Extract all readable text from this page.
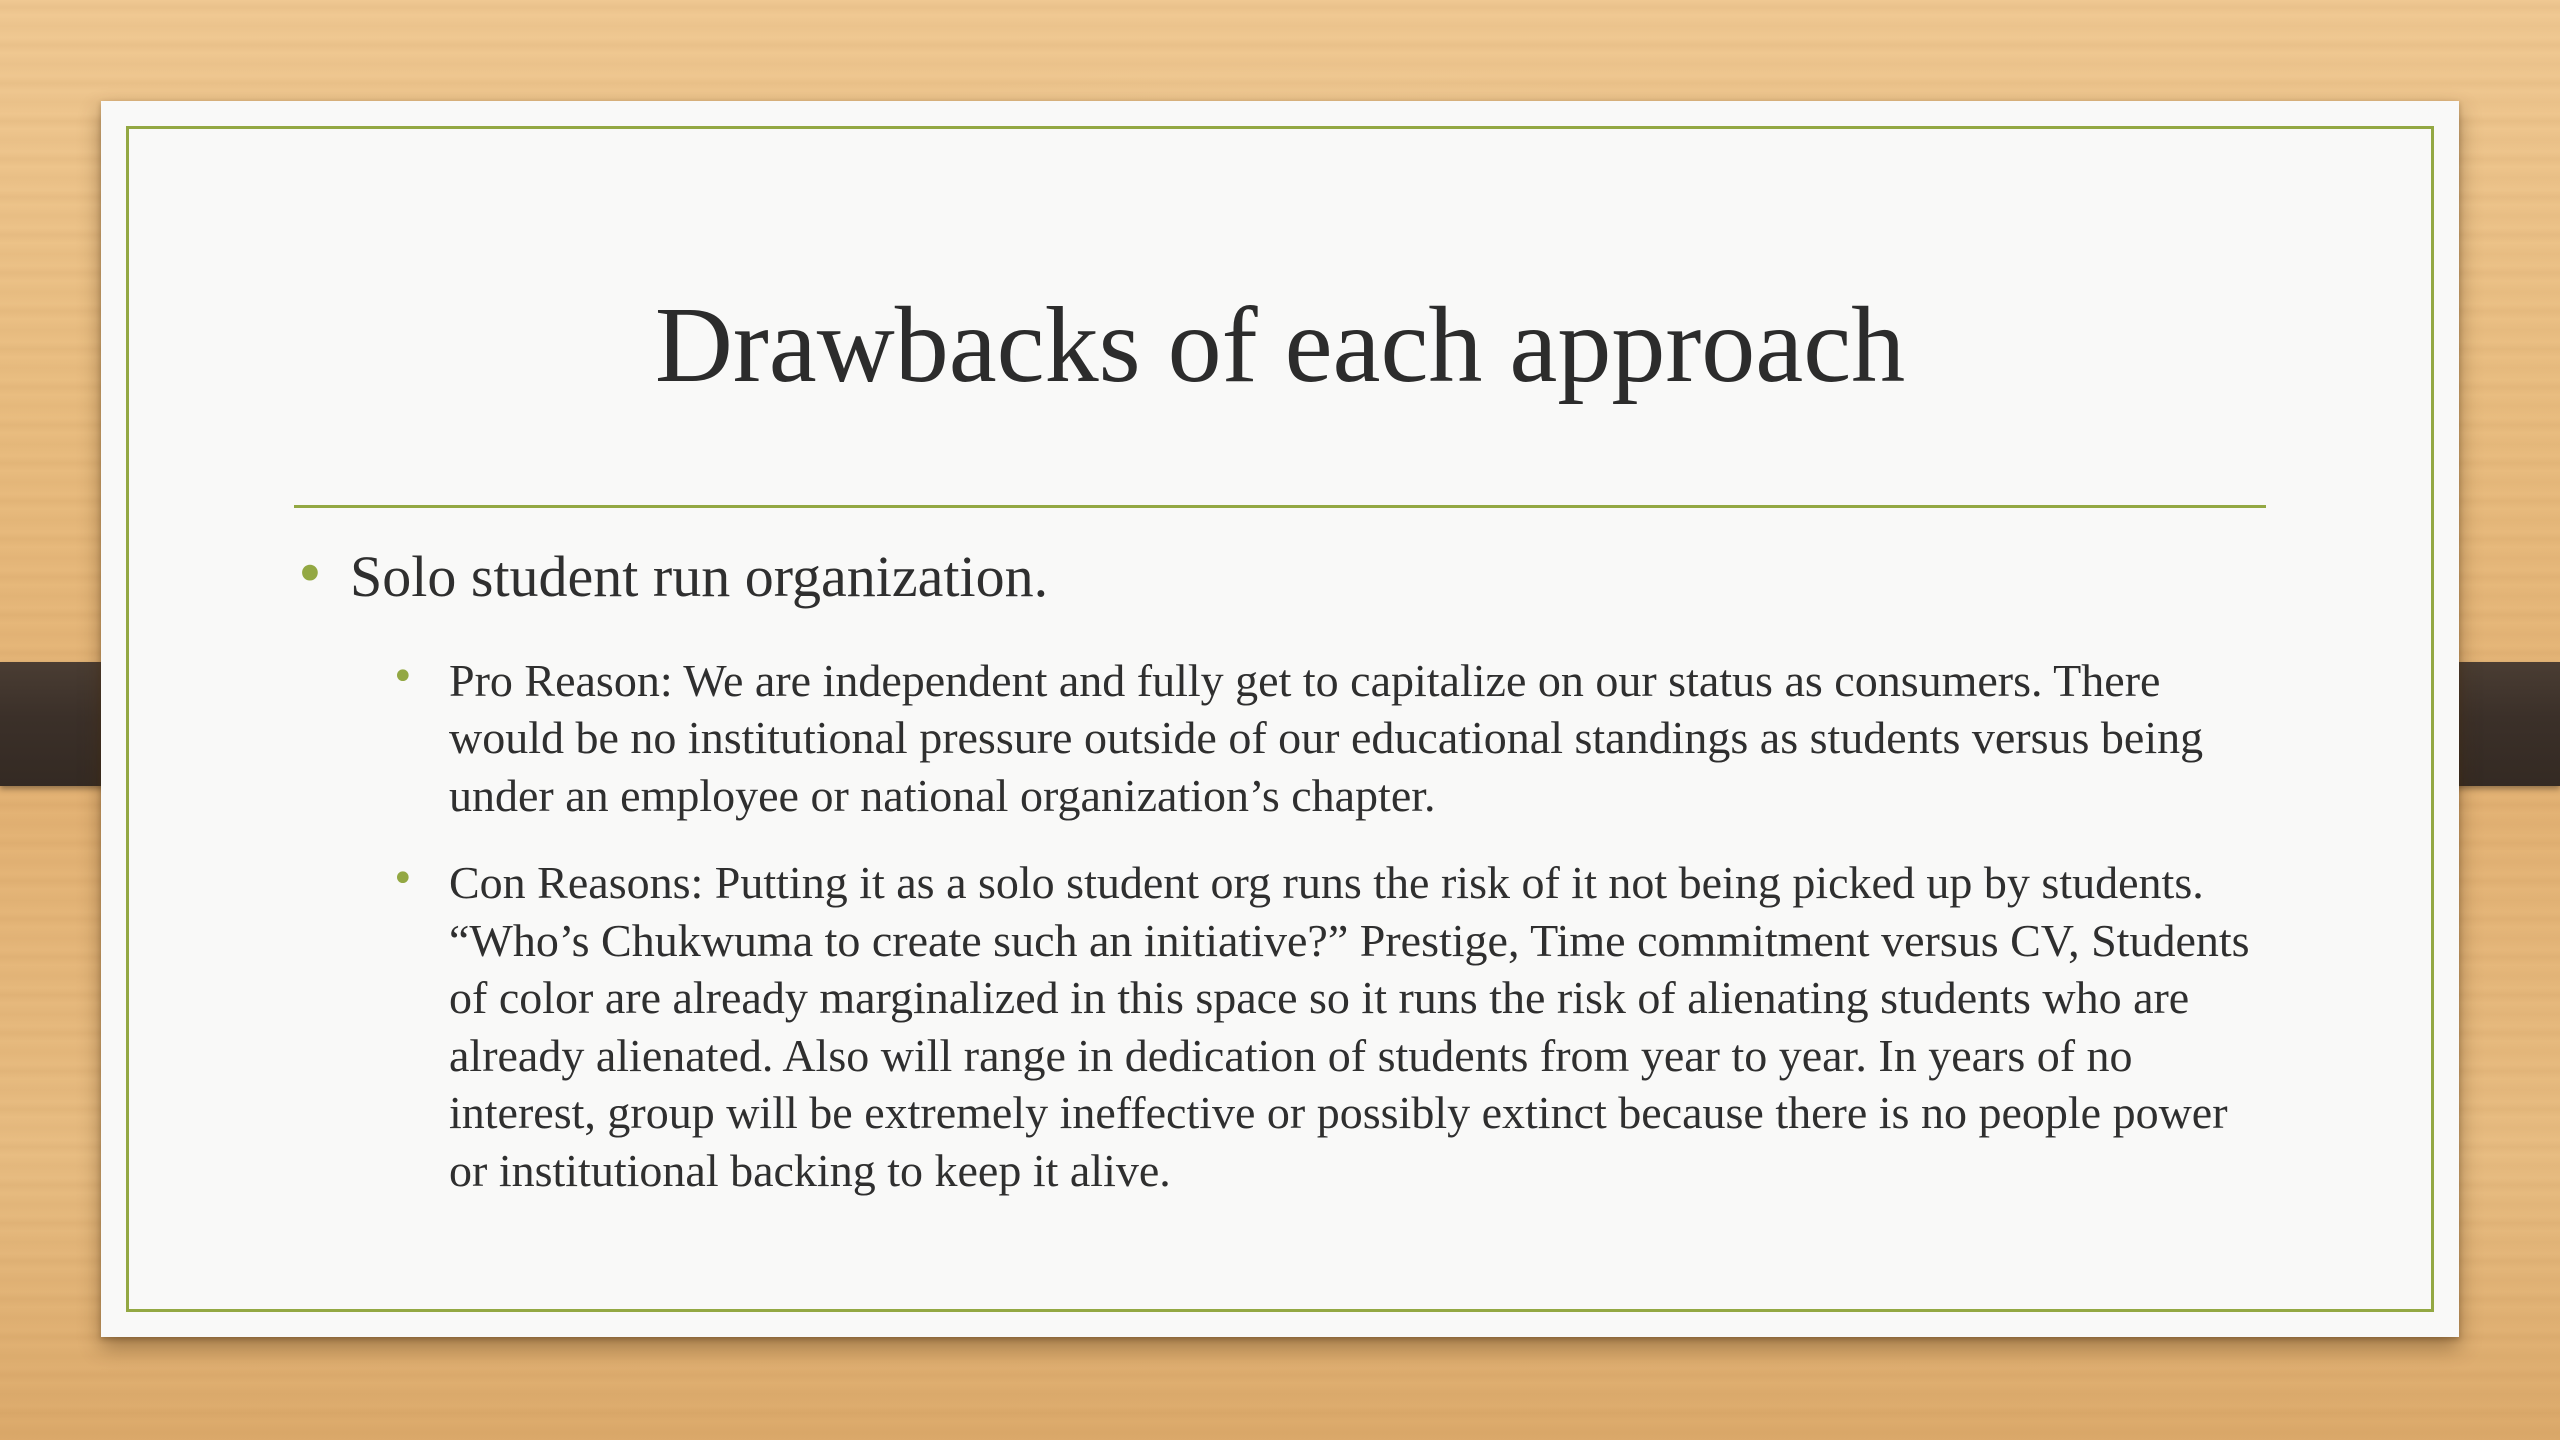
Drawbacks of each approach
• Solo student run organization.
• Pro Reason: We are independent and fully get to capitalize on our status as consumers. There would be no institutional pressure outside of our educational standings as students versus being under an employee or national organization’s chapter.
• Con Reasons: Putting it as a solo student org runs the risk of it not being picked up by students. “Who’s Chukwuma to create such an initiative?” Prestige, Time commitment versus CV, Students of color are already marginalized in this space so it runs the risk of alienating students who are already alienated. Also will range in dedication of students from year to year. In years of no interest, group will be extremely ineffective or possibly extinct because there is no people power or institutional backing to keep it alive.
